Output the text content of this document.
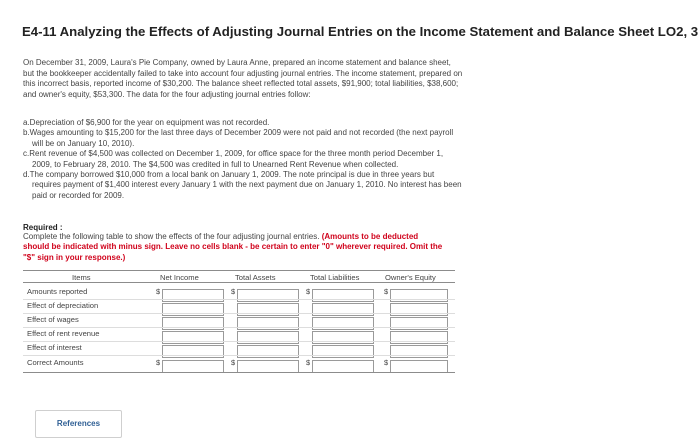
E4-11 Analyzing the Effects of Adjusting Journal Entries on the Income Statement and Balance Sheet LO2, 3

On December 31, 2009, Laura's Pie Company, owned by Laura Anne, prepared an income statement and balance sheet, but the bookkeeper accidentally failed to take into account four adjusting journal entries. The income statement, prepared on this incorrect basis, reported income of $30,200. The balance sheet reflected total assets, $91,900; total liabilities, $38,600; and owner's equity, $53,300. The data for the four adjusting journal entries follow:

a.Depreciation of $6,900 for the year on equipment was not recorded.
b.Wages amounting to $15,200 for the last three days of December 2009 were not paid and not recorded (the next payroll will be on January 10, 2010).
c.Rent revenue of $4,500 was collected on December 1, 2009, for office space for the three month period December 1, 2009, to February 28, 2010. The $4,500 was credited in full to Unearned Rent Revenue when collected.
d.The company borrowed $10,000 from a local bank on January 1, 2009. The note principal is due in three years but requires payment of $1,400 interest every January 1 with the next payment due on January 1, 2010. No interest has been paid or recorded for 2009.
Required :

Complete the following table to show the effects of the four adjusting journal entries. (Amounts to be deducted should be indicated with minus sign. Leave no cells blank - be certain to enter "0" wherever required. Omit the "$" sign in your response.)

Items	Net Income	Total Assets	Total Liabilities	Owner's Equity
Amounts reported	$	$	$	$
Effect of depreciation
Effect of wages
Effect of rent revenue
Effect of interest
Correct Amounts	$	$	$	$
References
